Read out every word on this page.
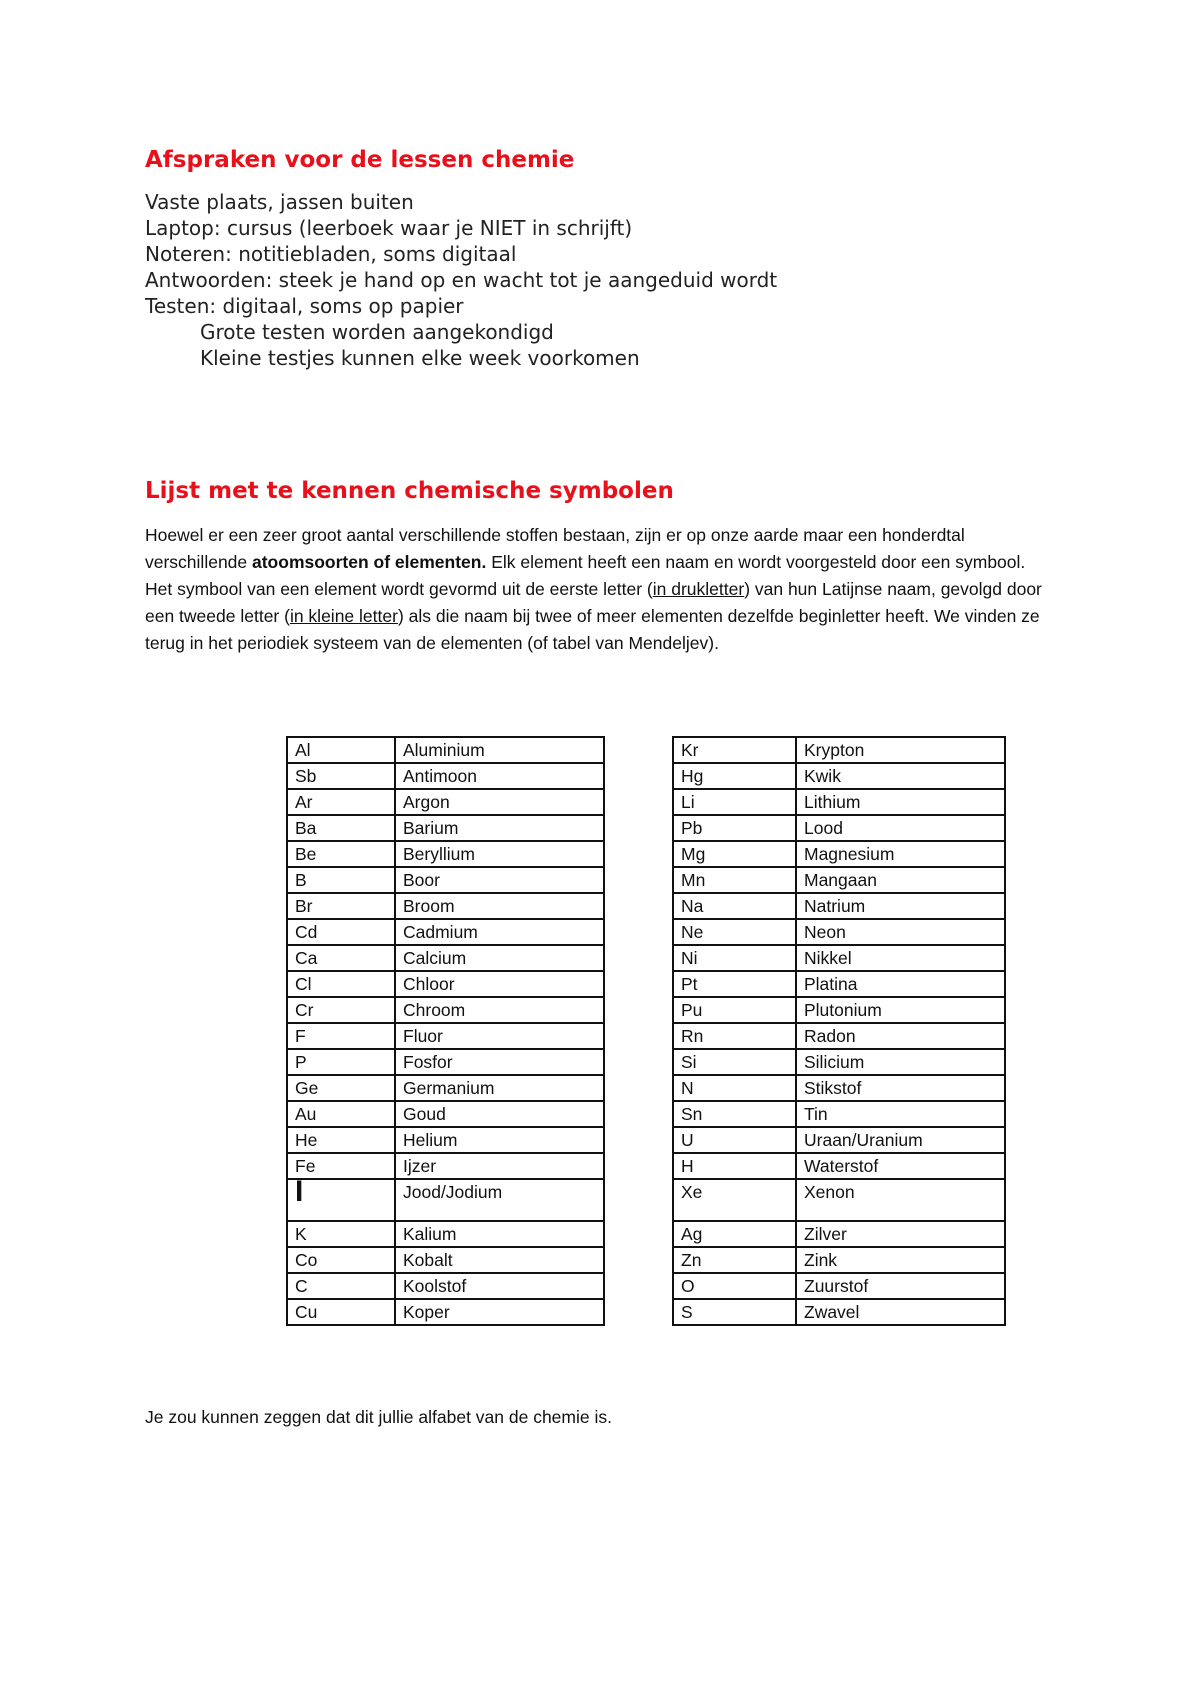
Afspraken voor de lessen chemie
Vaste plaats, jassen buiten
Laptop: cursus (leerboek waar je NIET in schrijft)
Noteren: notitiebladen, soms digitaal
Antwoorden: steek je hand op en wacht tot je aangeduid wordt
Testen: digitaal, soms op papier
Grote testen worden aangekondigd
Kleine testjes kunnen elke week voorkomen
Lijst met te kennen chemische symbolen

Hoewel er een zeer groot aantal verschillende stoffen bestaan, zijn er op onze aarde maar een honderdtal verschillende atoomsoorten of elementen. Elk element heeft een naam en wordt voorgesteld door een symbool.

Het symbool van een element wordt gevormd uit de eerste letter (in drukletter) van hun Latijnse naam, gevolgd door een tweede letter (in kleine letter) als die naam bij twee of meer elementen dezelfde beginletter heeft. We vinden ze terug in het periodiek systeem van de elementen (of tabel van Mendeljev).

Al	Aluminium
Sb	Antimoon
Ar	Argon
Ba	Barium
Be	Beryllium
B	Boor
Br	Broom
Cd	Cadmium
Ca	Calcium
Cl	Chloor
Cr	Chroom
F	Fluor
P	Fosfor
Ge	Germanium
Au	Goud
He	Helium
Fe	Ijzer
I	Jood/Jodium
K	Kalium
Co	Kobalt
C	Koolstof
Cu	Koper
Kr	Krypton
Hg	Kwik
Li	Lithium
Pb	Lood
Mg	Magnesium
Mn	Mangaan
Na	Natrium
Ne	Neon
Ni	Nikkel
Pt	Platina
Pu	Plutonium
Rn	Radon
Si	Silicium
N	Stikstof
Sn	Tin
U	Uraan/Uranium
H	Waterstof
Xe	Xenon
Ag	Zilver
Zn	Zink
O	Zuurstof
S	Zwavel

Je zou kunnen zeggen dat dit jullie alfabet van de chemie is.
